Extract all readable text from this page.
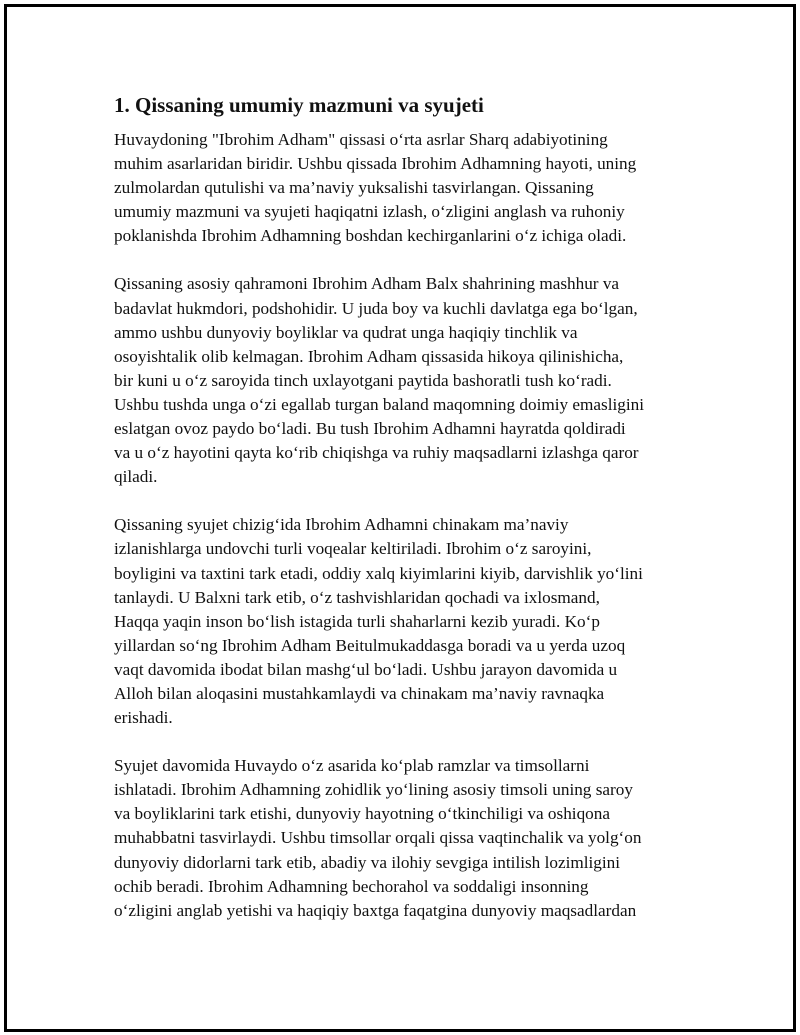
1. Qissaning umumiy mazmuni va syujeti
Huvaydoning "Ibrohim Adham" qissasi oʻrta asrlar Sharq adabiyotining
muhim asarlaridan biridir. Ushbu qissada Ibrohim Adhamning hayoti, uning
zulmolardan qutulishi va ma’naviy yuksalishi tasvirlangan. Qissaning
umumiy mazmuni va syujeti haqiqatni izlash, oʻzligini anglash va ruhoniy
poklanishda Ibrohim Adhamning boshdan kechirganlarini oʻz ichiga oladi.
Qissaning asosiy qahramoni Ibrohim Adham Balx shahrining mashhur va
badavlat hukmdori, podshohidir. U juda boy va kuchli davlatga ega boʻlgan,
ammo ushbu dunyoviy boyliklar va qudrat unga haqiqiy tinchlik va
osoyishtalik olib kelmagan. Ibrohim Adham qissasida hikoya qilinishicha,
bir kuni u oʻz saroyida tinch uxlayotgani paytida bashoratli tush koʻradi.
Ushbu tushda unga oʻzi egallab turgan baland maqomning doimiy emasligini
eslatgan ovoz paydo boʻladi. Bu tush Ibrohim Adhamni hayratda qoldiradi
va u oʻz hayotini qayta koʻrib chiqishga va ruhiy maqsadlarni izlashga qaror
qiladi.
Qissaning syujet chizigʻida Ibrohim Adhamni chinakam ma’naviy
izlanishlarga undovchi turli voqealar keltiriladi. Ibrohim oʻz saroyini,
boyligini va taxtini tark etadi, oddiy xalq kiyimlarini kiyib, darvishlik yoʻlini
tanlaydi. U Balxni tark etib, oʻz tashvishlaridan qochadi va ixlosmand,
Haqqa yaqin inson boʻlish istagida turli shaharlarni kezib yuradi. Koʻp
yillardan soʻng Ibrohim Adham Beitulmukaddasga boradi va u yerda uzoq
vaqt davomida ibodat bilan mashgʻul boʻladi. Ushbu jarayon davomida u
Alloh bilan aloqasini mustahkamlaydi va chinakam ma’naviy ravnaqka
erishadi.
Syujet davomida Huvaydo oʻz asarida koʻplab ramzlar va timsollarni
ishlatadi. Ibrohim Adhamning zohidlik yoʻlining asosiy timsoli uning saroy
va boyliklarini tark etishi, dunyoviy hayotning oʻtkinchiligi va oshiqona
muhabbatni tasvirlaydi. Ushbu timsollar orqali qissa vaqtinchalik va yolgʻon
dunyoviy didorlarni tark etib, abadiy va ilohiy sevgiga intilish lozimligini
ochib beradi. Ibrohim Adhamning bechorahol va soddaligi insonning
oʻzligini anglab yetishi va haqiqiy baxtga faqatgina dunyoviy maqsadlardan
